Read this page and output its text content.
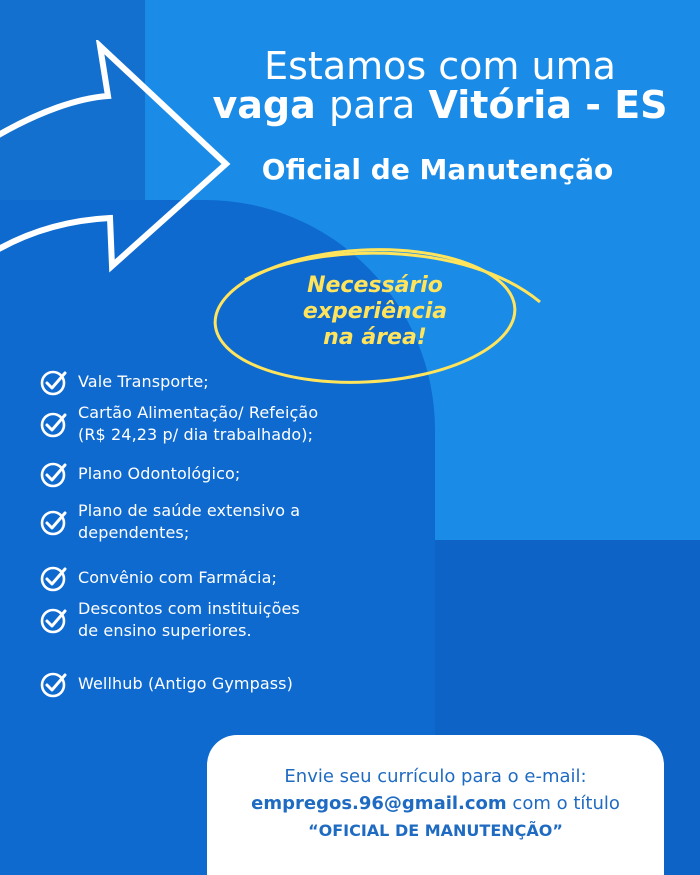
Estamos com uma
vaga para Vitória - ES
Oficial de Manutenção

Necessário
experiência
na área!

Vale Transporte;
Cartão Alimentação/ Refeição
(R$ 24,23 p/ dia trabalhado);
Plano Odontológico;
Plano de saúde extensivo a
dependentes;
Convênio com Farmácia;
Descontos com instituições
de ensino superiores.
Wellhub (Antigo Gympass)
Envie seu currículo para o e-mail:
empregos.96@gmail.com com o título
“OFICIAL DE MANUTENÇÃO”
